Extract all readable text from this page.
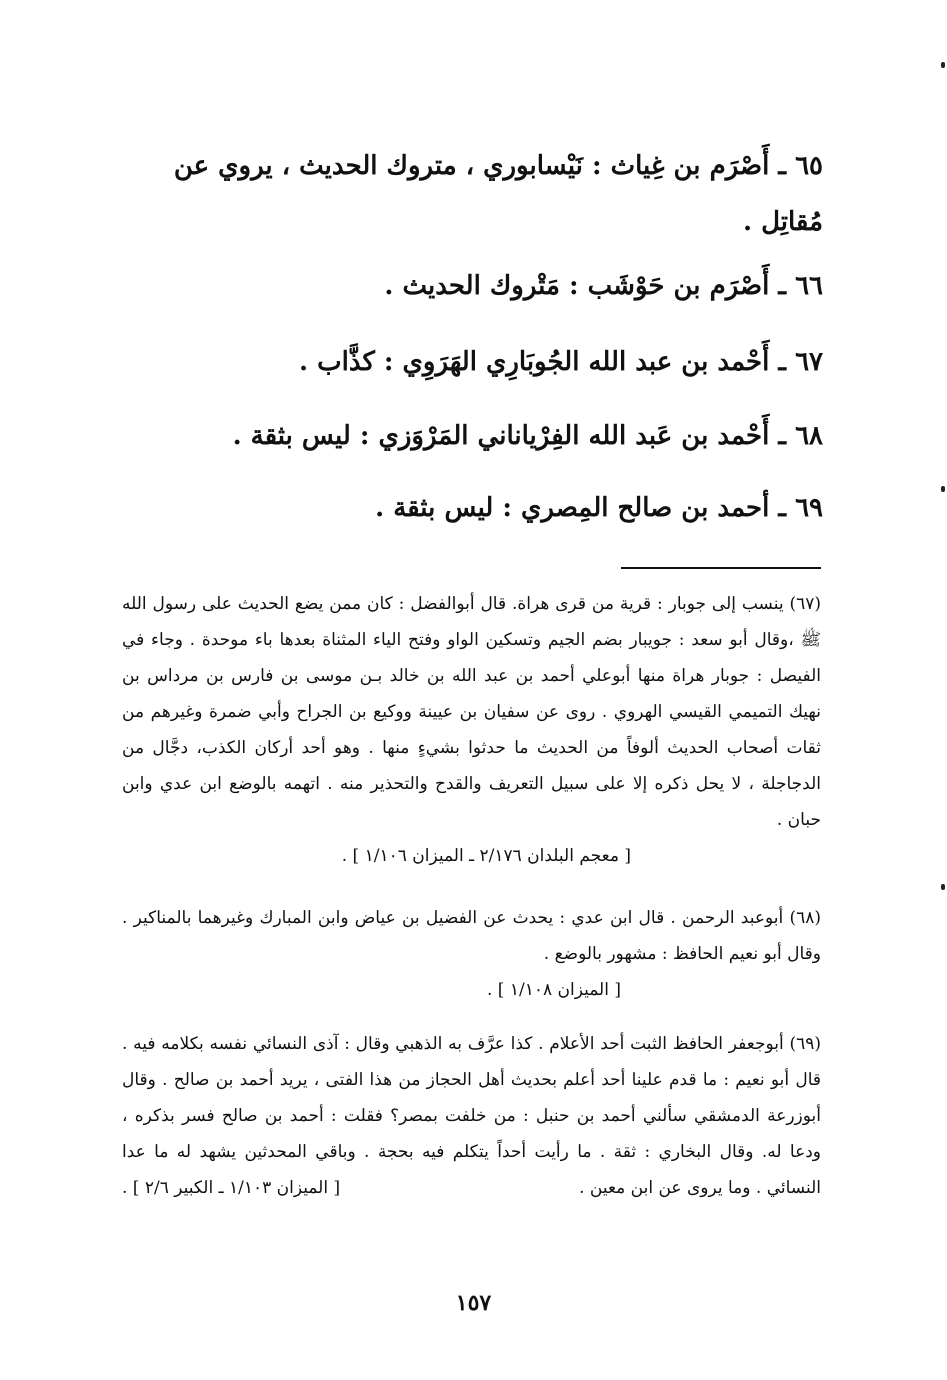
٦٥ ـ أَصْرَم بن غِياث : نَيْسابوري ، متروك الحديث ، يروي عن مُقاتِل .

٦٦ ـ أَصْرَم بن حَوْشَب : مَتْروك الحديث .

٦٧ ـ أَحْمد بن عبد الله الجُوبَارِي الهَرَوِي : كذَّاب .

٦٨ ـ أَحْمد بن عَبد الله الفِرْياناني المَرْوَزي : ليس بثقة .

٦٩ ـ أحمد بن صالح المِصري : ليس بثقة .

(٦٧) ينسب إلى جوبار : قرية من قرى هراة. قال أبوالفضل : كان ممن يضع الحديث على رسول الله ﷺ ،وقال أبو سعد : جويبار بضم الجيم وتسكين الواو وفتح الياء المثناة بعدها باء موحدة . وجاء في الفيصل : جوبار هراة منها أبوعلي أحمد بن عبد الله بن خالد بـن موسى بن فارس بن مرداس بن نهيك التميمي القيسي الهروي . روى عن سفيان بن عيينة ووكيع بن الجراح وأبي ضمرة وغيرهم من ثقات أصحاب الحديث ألوفاً من الحديث ما حدثوا بشيءٍ منها . وهو أحد أركان الكذب، دجَّال من الدجاجلة ، لا يحل ذكره إلا على سبيل التعريف والقدح والتحذير منه . اتهمه بالوضع ابن عدي وابن حبان .
[ معجم البلدان ٢/١٧٦ ـ الميزان ١/١٠٦ ] .
(٦٨) أبوعبد الرحمن . قال ابن عدي : يحدث عن الفضيل بن عياض وابن المبارك وغيرهما بالمناكير . وقال أبو نعيم الحافظ : مشهور بالوضع .
[ الميزان ١/١٠٨ ] .
(٦٩) أبوجعفر الحافظ الثبت أحد الأعلام . كذا عرَّف به الذهبي وقال : آذى النسائي نفسه بكلامه فيه . قال أبو نعيم : ما قدم علينا أحد أعلم بحديث أهل الحجاز من هذا الفتى ، يريد أحمد بن صالح . وقال أبوزرعة الدمشقي سألني أحمد بن حنبل : من خلفت بمصر؟ فقلت : أحمد بن صالح فسر بذكره ، ودعا له. وقال البخاري : ثقة . ما رأيت أحداً يتكلم فيه بحجة . وباقي المحدثين يشهد له ما عدا النسائي . وما يروى عن ابن معين .
[ الميزان ١/١٠٣ ـ الكبير ٢/٦ ] .
١٥٧
